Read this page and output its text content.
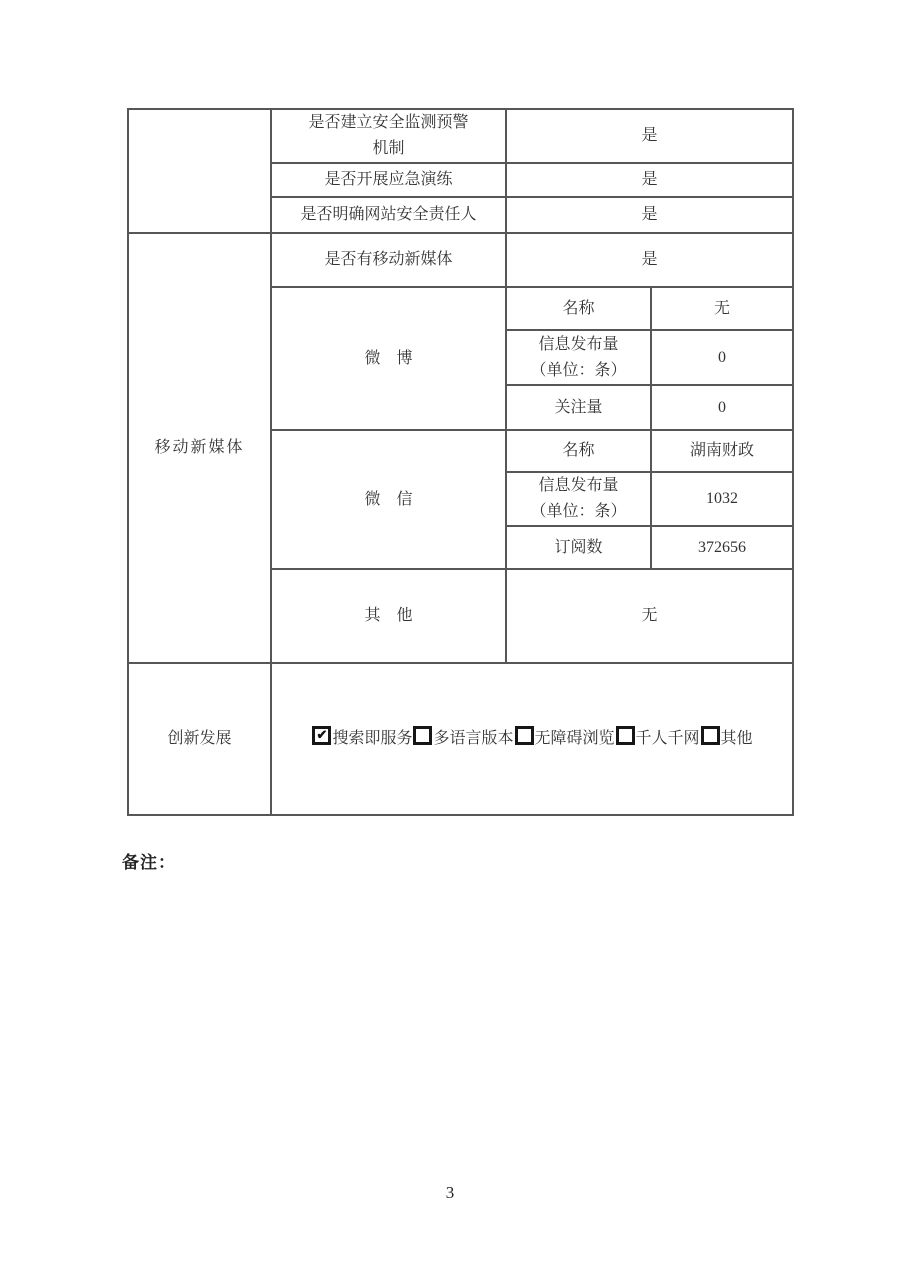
	是否建立安全监测预警
机制	是	

	是否开展应急演练	是	

	是否明确网站安全责任人	是	
移动新媒体	是否有移动新媒体	是	
	微　博	名称	无

		信息发布量
（单位：条）	0

		关注量	0
	微　信	名称	湖南财政

		信息发布量
（单位：条）	1032

		订阅数	372656
	其　他	无	
创新发展	✔ 搜索即服务 多语言版本 无障碍浏览 千人千网 其他		
备注：
3
